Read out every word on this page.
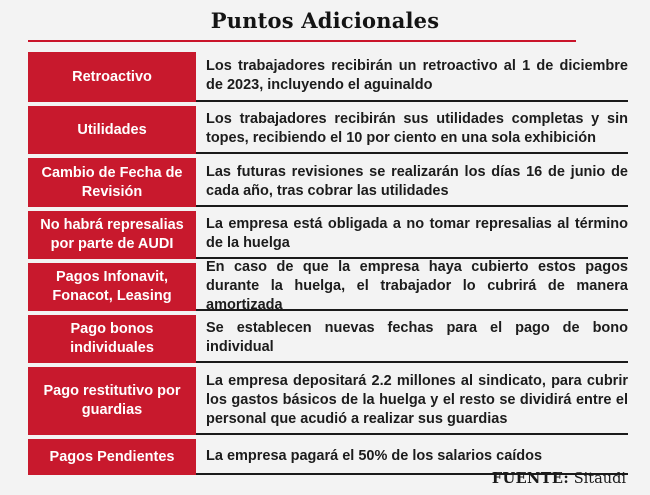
Puntos Adicionales
Retroactivo
Los trabajadores recibirán un retroactivo al 1 de diciembre de 2023, incluyendo el aguinaldo
Utilidades
Los trabajadores recibirán sus utilidades completas y sin topes, recibiendo el 10 por ciento en una sola exhibición
Cambio de Fecha de Revisión
Las futuras revisiones se realizarán los días 16 de junio de cada año, tras cobrar las utilidades
No habrá represalias por parte de AUDI
La empresa está obligada a no tomar represalias al término de la huelga
Pagos Infonavit, Fonacot, Leasing
En caso de que la empresa haya cubierto estos pagos durante la huelga, el trabajador lo cubrirá de manera amortizada
Pago bonos individuales
Se establecen nuevas fechas para el pago de bono individual
Pago restitutivo por guardias
La empresa depositará 2.2 millones al sindicato, para cubrir los gastos básicos de la huelga y el resto se dividirá entre el personal que acudió a realizar sus guardias
Pagos Pendientes	La empresa pagará el 50% de los salarios caídos
FUENTE: Sitaudi
